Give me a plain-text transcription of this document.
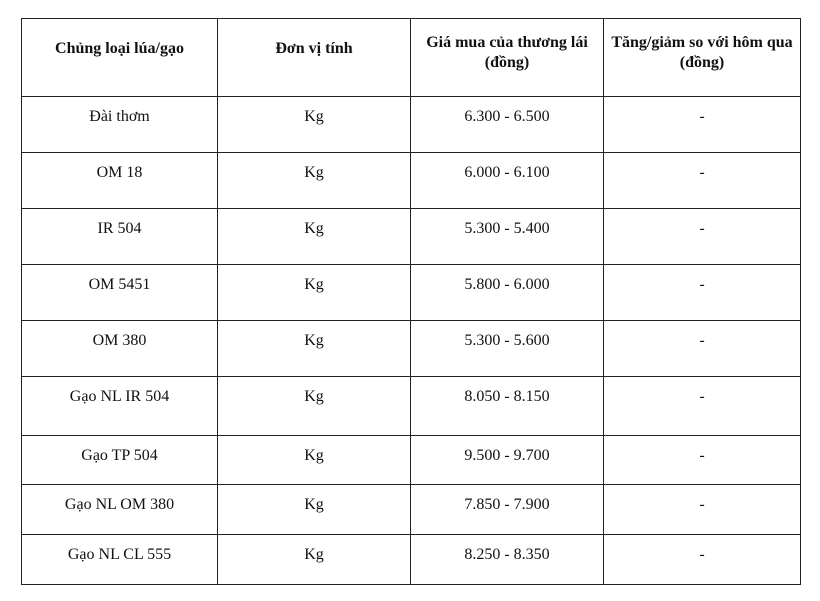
Chủng loại lúa/gạo	Đơn vị tính	Giá mua của thương lái (đồng)	Tăng/giảm so với hôm qua (đồng)
Đài thơm	Kg	6.300 - 6.500	-
OM 18	Kg	6.000 - 6.100	-
IR 504	Kg	5.300 - 5.400	-
OM 5451	Kg	5.800 - 6.000	-
OM 380	Kg	5.300 - 5.600	-
Gạo NL IR 504	Kg	8.050 - 8.150	-
Gạo TP 504	Kg	9.500 - 9.700	-
Gạo NL OM 380	Kg	7.850 - 7.900	-
Gạo NL CL 555	Kg	8.250 - 8.350	-
